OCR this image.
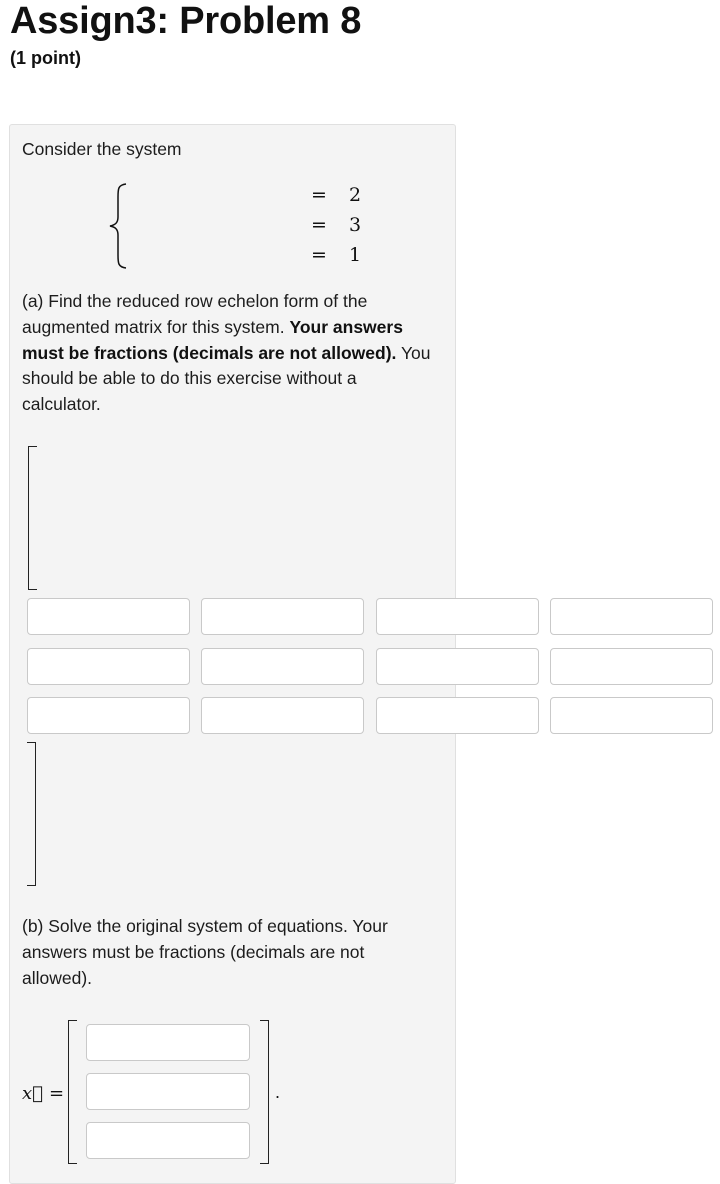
Assign3: Problem 8
(1 point)
Consider the system
= 2
= 3
= 1
(a) Find the reduced row echelon form of the augmented matrix for this system. Your answers must be fractions (decimals are not allowed). You should be able to do this exercise without a calculator.
(b) Solve the original system of equations. Your answers must be fractions (decimals are not allowed).
x⃗ =	.
